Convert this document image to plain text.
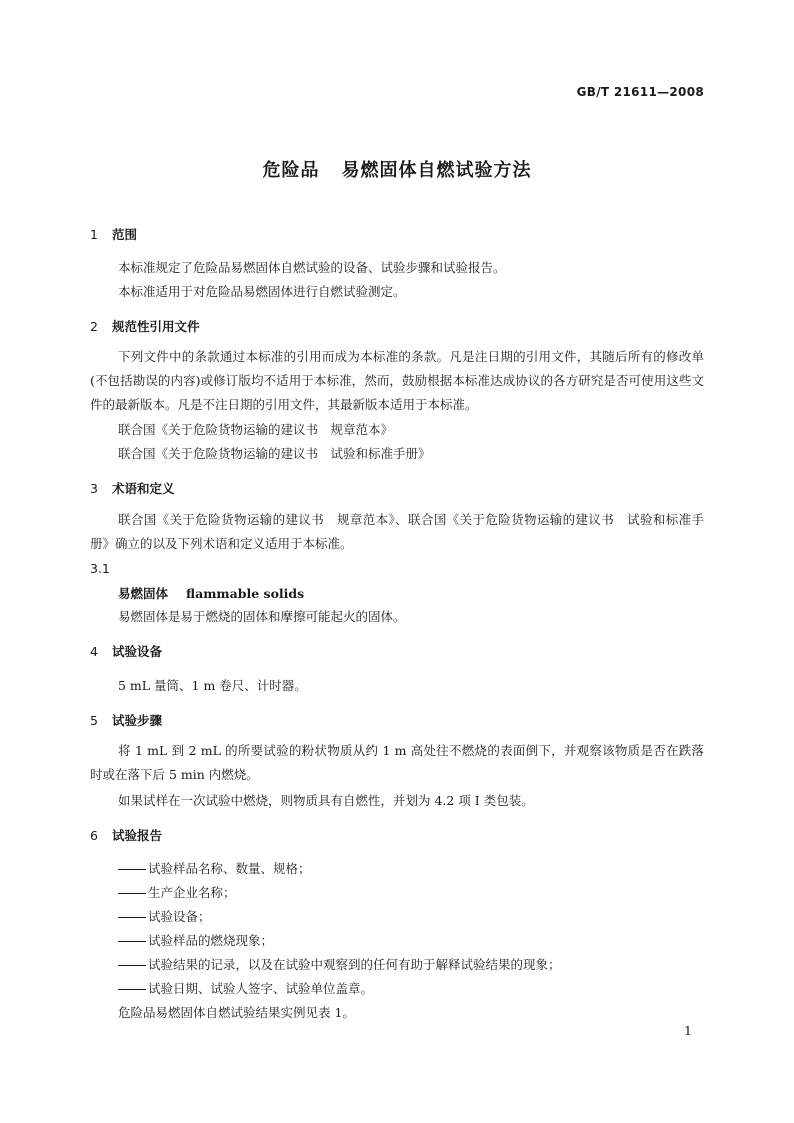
GB/T 21611—2008
危险品 易燃固体自燃试验方法
1 范围
本标准规定了危险品易燃固体自燃试验的设备、试验步骤和试验报告。
本标准适用于对危险品易燃固体进行自燃试验测定。
2 规范性引用文件
下列文件中的条款通过本标准的引用而成为本标准的条款。凡是注日期的引用文件，其随后所有的修改单(不包括勘误的内容)或修订版均不适用于本标准，然而，鼓励根据本标准达成协议的各方研究是否可使用这些文件的最新版本。凡是不注日期的引用文件，其最新版本适用于本标准。
联合国《关于危险货物运输的建议书　规章范本》
联合国《关于危险货物运输的建议书　试验和标准手册》
3 术语和定义
联合国《关于危险货物运输的建议书　规章范本》、联合国《关于危险货物运输的建议书　试验和标准手册》确立的以及下列术语和定义适用于本标准。
3.1
易燃固体 flammable solids
易燃固体是易于燃烧的固体和摩擦可能起火的固体。
4 试验设备
5 mL 量筒、1 m 卷尺、计时器。
5 试验步骤
将 1 mL 到 2 mL 的所要试验的粉状物质从约 1 m 高处往不燃烧的表面倒下，并观察该物质是否在跌落时或在落下后 5 min 内燃烧。
如果试样在一次试验中燃烧，则物质具有自燃性，并划为 4.2 项 Ⅰ 类包装。
6 试验报告
试验样品名称、数量、规格；
生产企业名称；
试验设备；
试验样品的燃烧现象；
试验结果的记录，以及在试验中观察到的任何有助于解释试验结果的现象；
试验日期、试验人签字、试验单位盖章。
危险品易燃固体自燃试验结果实例见表 1。
1
